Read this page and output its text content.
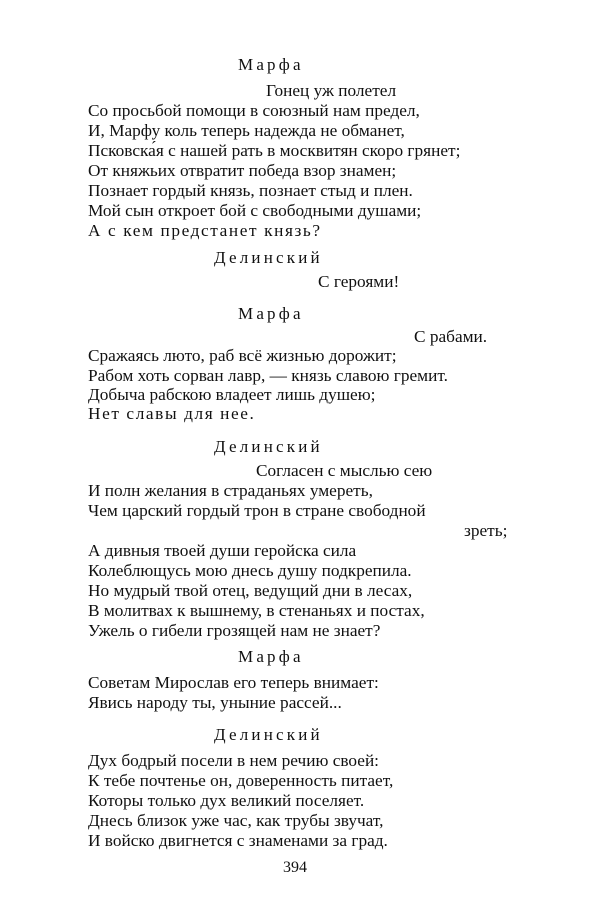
Марфа
Гонец уж полетел
Со просьбой помощи в союзный нам предел,
И, Марфу коль теперь надежда не обманет,
Псковска́я с нашей рать в москвитян скоро грянет;
От княжьих отвратит победа взор знамен;
Познает гордый князь, познает стыд и плен.
Мой сын откроет бой с свободными душами;
А с кем предстанет князь?
Делинский
С героями!
Марфа
С рабами.
Сражаясь люто, раб всё жизнью дорожит;
Рабом хоть сорван лавр, — князь славою гремит.
Добыча рабскою владеет лишь душею;
Нет славы для нее.
Делинский
Согласен с мыслью сею
И полн желания в страданьях умереть,
Чем царский гордый трон в стране свободной
зреть;
А дивныя твоей души геройска сила
Колеблющусь мою днесь душу подкрепила.
Но мудрый твой отец, ведущий дни в лесах,
В молитвах к вышнему, в стенаньях и постах,
Ужель о гибели грозящей нам не знает?
Марфа
Советам Мирослав его теперь внимает:
Явись народу ты, уныние рассей...
Делинский
Дух бодрый посели в нем речию своей:
К тебе почтенье он, доверенность питает,
Которы только дух великий поселяет.
Днесь близок уже час, как трубы звучат,
И войско двигнется с знаменами за град.
394
